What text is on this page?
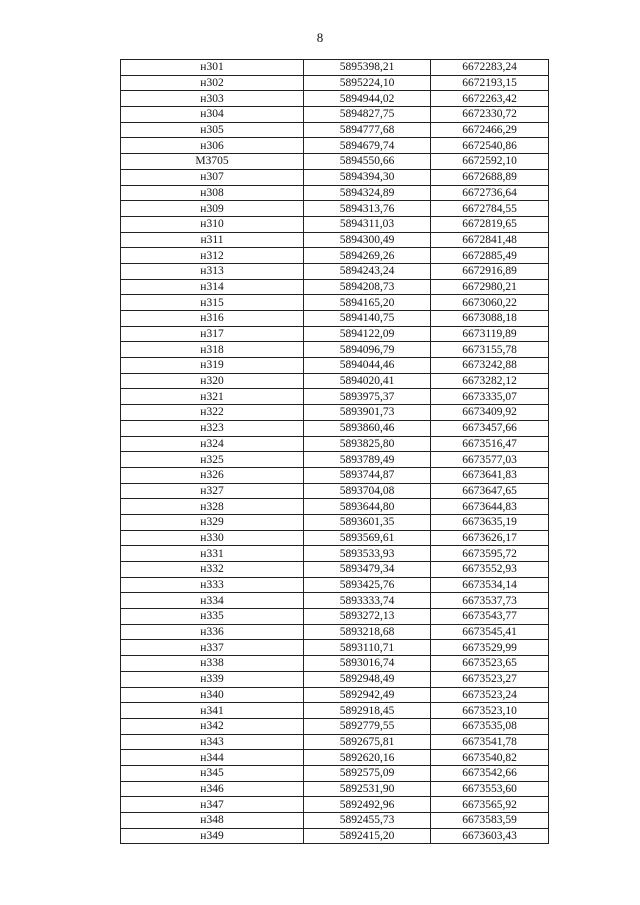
8
н301	5895398,21	6672283,24
н302	5895224,10	6672193,15
н303	5894944,02	6672263,42
н304	5894827,75	6672330,72
н305	5894777,68	6672466,29
н306	5894679,74	6672540,86
МЗ705	5894550,66	6672592,10
н307	5894394,30	6672688,89
н308	5894324,89	6672736,64
н309	5894313,76	6672784,55
н310	5894311,03	6672819,65
н311	5894300,49	6672841,48
н312	5894269,26	6672885,49
н313	5894243,24	6672916,89
н314	5894208,73	6672980,21
н315	5894165,20	6673060,22
н316	5894140,75	6673088,18
н317	5894122,09	6673119,89
н318	5894096,79	6673155,78
н319	5894044,46	6673242,88
н320	5894020,41	6673282,12
н321	5893975,37	6673335,07
н322	5893901,73	6673409,92
н323	5893860,46	6673457,66
н324	5893825,80	6673516,47
н325	5893789,49	6673577,03
н326	5893744,87	6673641,83
н327	5893704,08	6673647,65
н328	5893644,80	6673644,83
н329	5893601,35	6673635,19
н330	5893569,61	6673626,17
н331	5893533,93	6673595,72
н332	5893479,34	6673552,93
н333	5893425,76	6673534,14
н334	5893333,74	6673537,73
н335	5893272,13	6673543,77
н336	5893218,68	6673545,41
н337	5893110,71	6673529,99
н338	5893016,74	6673523,65
н339	5892948,49	6673523,27
н340	5892942,49	6673523,24
н341	5892918,45	6673523,10
н342	5892779,55	6673535,08
н343	5892675,81	6673541,78
н344	5892620,16	6673540,82
н345	5892575,09	6673542,66
н346	5892531,90	6673553,60
н347	5892492,96	6673565,92
н348	5892455,73	6673583,59
н349	5892415,20	6673603,43
